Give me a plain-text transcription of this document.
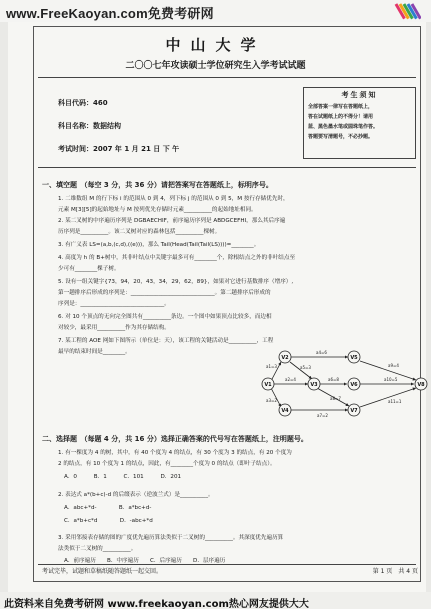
www.FreeKaoyan.com免费考研网
中山大学
二〇〇七年攻读硕士学位研究生入学考试试题
科目代码：460
科目名称：数据结构
考试时间：2007 年 1 月 21 日 下 午
考生须知
全部答案一律写在答题纸上，
答在试题纸上的不得分！请用
蓝、黑色墨水笔或圆珠笔作答。
答题要写清题号，不必抄题。
一、填空题　（每空 3 分，共 36 分）请把答案写在答题纸上，标明序号。
1. 二维数组 M 的行下标 i 的范围从 0 到 4，列下标 j 的范围从 0 到 5，M 按行存储优先时，
元素 M[3][5]的起始地址与 M 按列优先存储时元素__________的起始地址相同。
2. 某二叉树的中序遍历序列是 DGBAECHIF，前序遍历序列是 ABDGCEFHI，那么其后序遍
历序列是__________。该二叉树对应的森林包括__________棵树。
3. 有广义表 LS=(a,b,(c,d),((e)))，那么 Tail(Head(Tail(Tail(LS))))=________。
4. 高度为 h 的 B+树中，其非叶结点中关键字最多可有________个，除根结点之外的非叶结点至
少可有________棵子树。
5. 设有一组关键字{73，94，20，43，34，29，62，89}，如果对它进行基数排序（增序）,
第一趟排序后形成的序列是：______________________________。第二趟排序后形成的
序列是：______________________________。
6. 对 10 个顶点的无向完全图共有__________条边。一个图中如果顶点比较多，而边相
对较少，最采用__________作为其存储结构。
7. 某工程的 AOE 网如下图所示（单位是：天），该工程的关键活动是__________，工程
最早的结束时间是________。
a1=3
a2=4
a3=2
a4=6
a5=3
a6=8
a7=2
a8=7
a9=4
a10=5
a11=1
V1
V2
V3
V4
V5
V6
V7
V8
二、选择题　（每题 4 分，共 16 分）选择正确答案的代号写在答题纸上，注明题号。
1. 有一棵度为 4 的树，其中，有 40 个度为 4 的结点，有 30 个度为 3 的结点，有 20 个度为
2 的结点，有 10 个度为 1 的结点，因此，有________个度为 0 的结点（即叶子结点）。
A．0　　　B．1　　　C．101　　　D．201
2. 表达式 a*(b+c)-d 的后缀表示（逆波兰式）是__________。
A．abc+*d-　　　　B．a*bc+d-
C．a*b+c*d　　　　D．-abc+*d
3. 采用邻接表存储的图的广度优先遍历算法类似于二叉树的__________。其深度优先遍历算
法类似于二叉树的__________。
A．前序遍历　　B．中序遍历　　C．后序遍历　　D．层序遍历
考试完毕，试题和草稿纸随答题纸一起交回。	第 1 页　共 4 页
此资料来自免费考研网 www.freekaoyan.com热心网友提供大大
